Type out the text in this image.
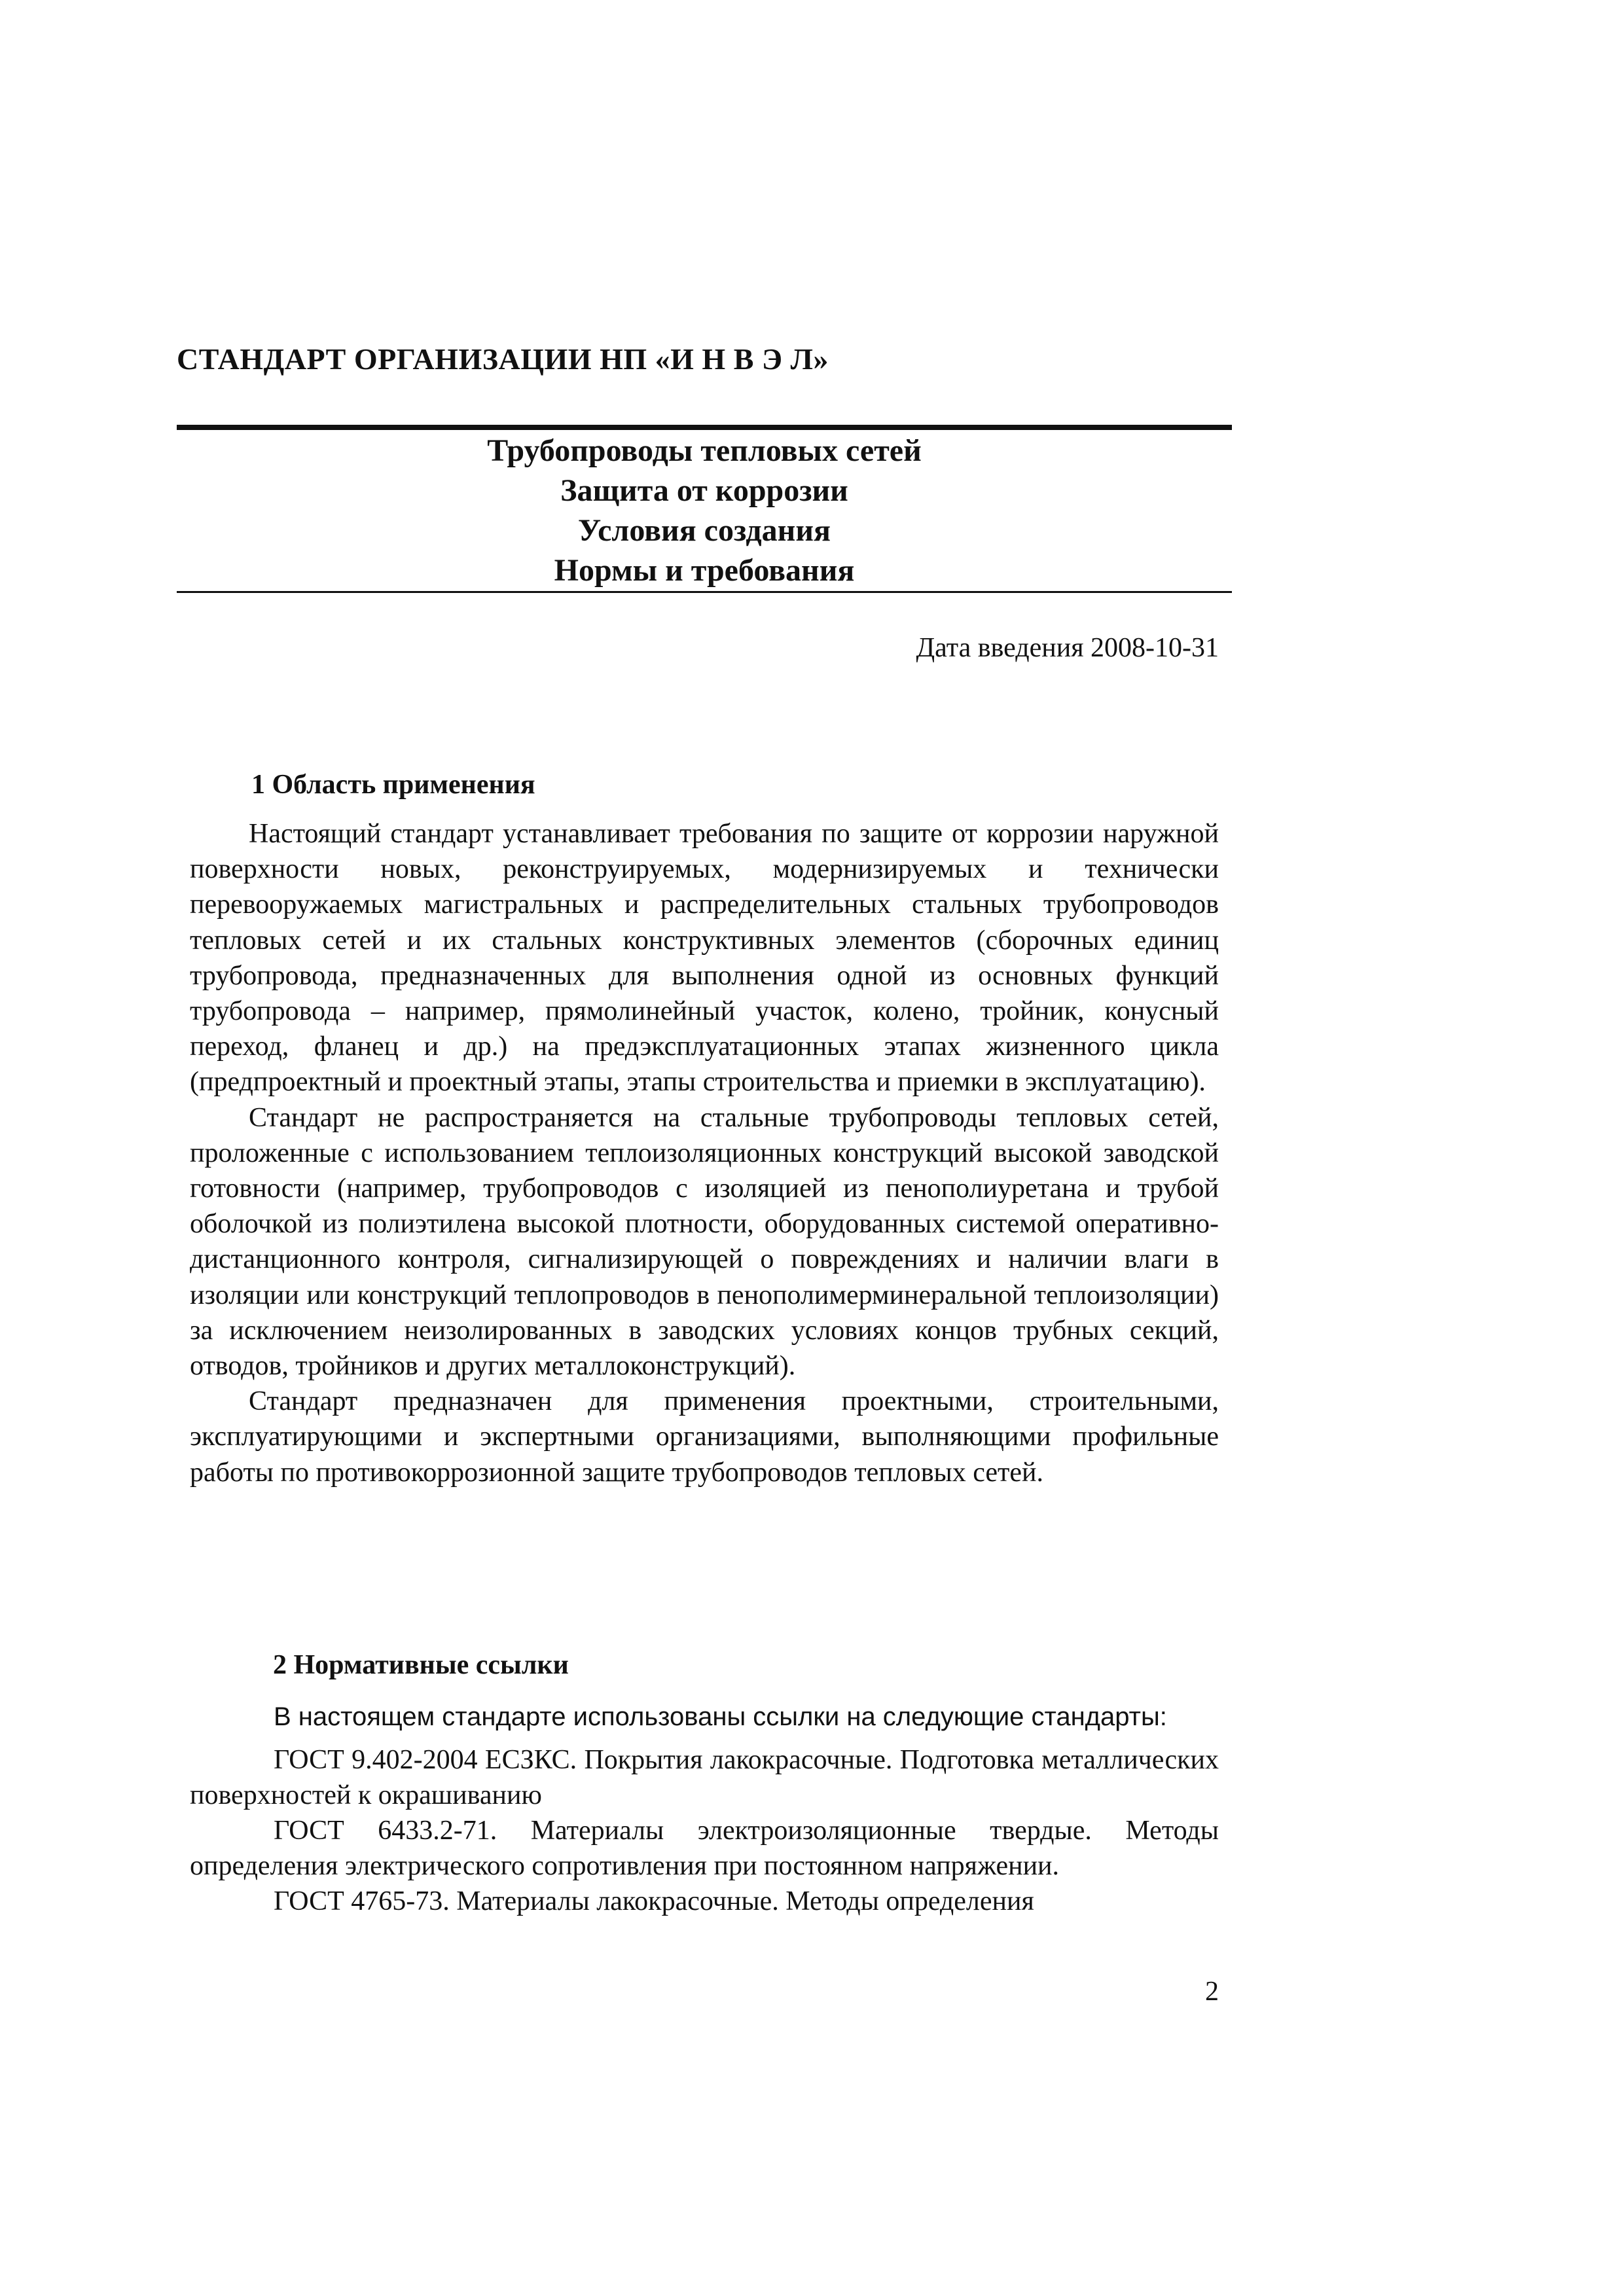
СТАНДАРТ ОРГАНИЗАЦИИ НП «И Н В Э Л»
Трубопроводы тепловых сетей
Защита от коррозии
Условия создания
Нормы и требования
Дата введения 2008-10-31
1 Область применения

Настоящий стандарт устанавливает требования по защите от коррозии наружной поверхности новых, реконструируемых, модернизируемых и технически перевооружаемых магистральных и распределительных стальных трубопроводов тепловых сетей и их стальных конструктивных элементов (сборочных единиц трубопровода, предназначенных для выполнения одной из основных функций трубопровода – например, прямолинейный участок, колено, тройник, конусный переход, фланец и др.) на предэксплуатационных этапах жизненного цикла (предпроектный и проектный этапы, этапы строительства и приемки в эксплуатацию).

Стандарт не распространяется на стальные трубопроводы тепловых сетей, проложенные с использованием теплоизоляционных конструкций высокой заводской готовности (например, трубопроводов с изоляцией из пенополиуретана и трубой оболочкой из полиэтилена высокой плотности, оборудованных системой оперативно-дистанционного контроля, сигнализирующей о повреждениях и наличии влаги в изоляции или конструкций теплопроводов в пенополимерминеральной теплоизоляции) за исключением неизолированных в заводских условиях концов трубных секций, отводов, тройников и других металлоконструкций).

Стандарт предназначен для применения проектными, строительными, эксплуатирующими и экспертными организациями, выполняющими профильные работы по противокоррозионной защите трубопроводов тепловых сетей.

2 Нормативные ссылки

В настоящем стандарте использованы ссылки на следующие стандарты:

ГОСТ 9.402-2004 ЕСЗКС. Покрытия лакокрасочные. Подготовка металлических поверхностей к окрашиванию

ГОСТ 6433.2-71. Материалы электроизоляционные твердые. Методы определения электрического сопротивления при постоянном напряжении.

ГОСТ 4765-73. Материалы лакокрасочные. Методы определения

2
